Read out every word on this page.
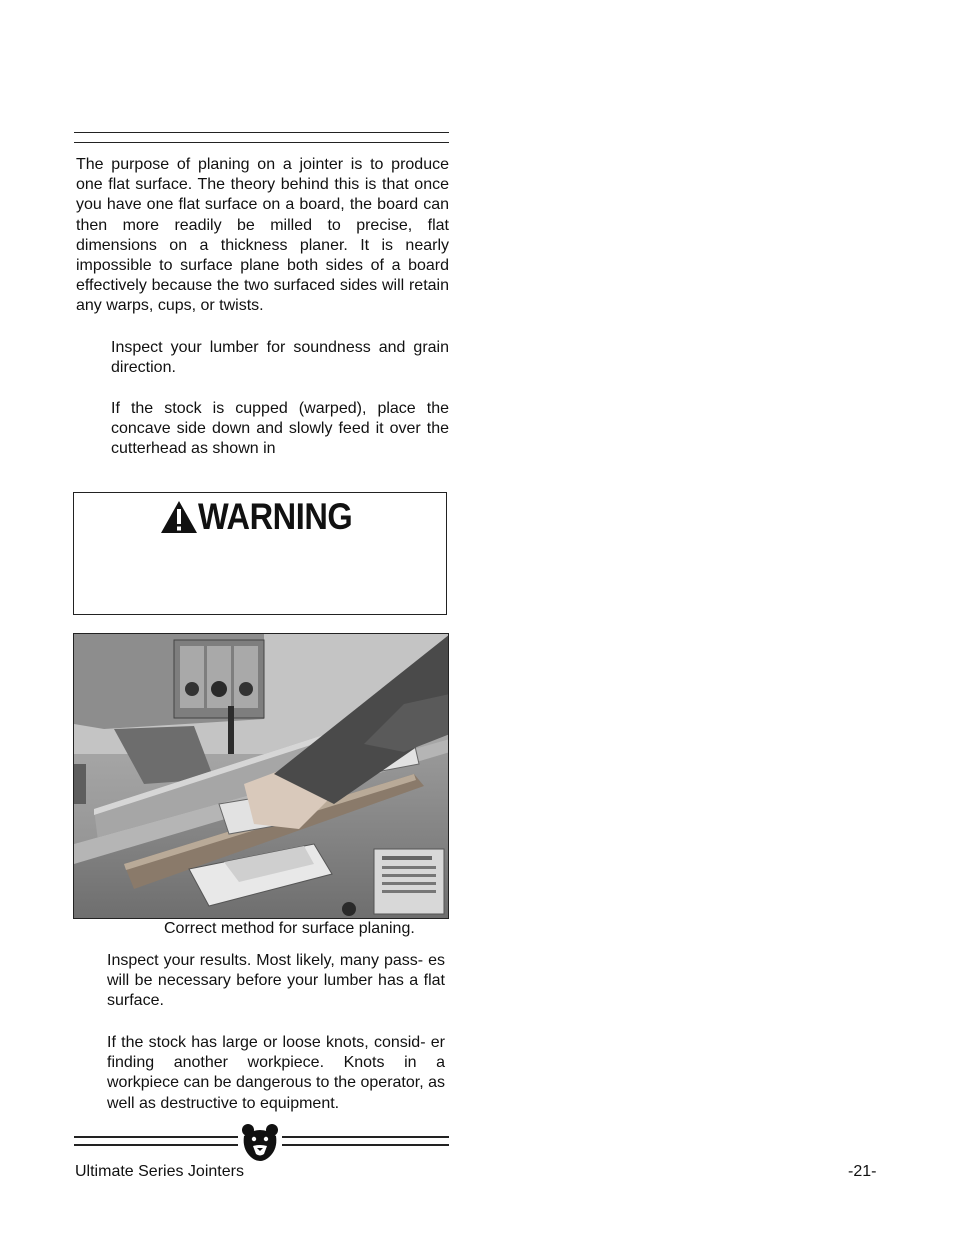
The purpose of planing on a jointer is to produce one flat surface. The theory behind this is that once you have one flat surface on a board, the board can then more readily be milled to precise, flat dimensions on a thickness planer. It is nearly impossible to surface plane both sides of a board effectively because the two surfaced sides will retain any warps, cups, or twists.

Inspect your lumber for soundness and grain direction.

If the stock is cupped (warped), place the concave side down and slowly feed it over the cutterhead as shown in

WARNING
Correct method for surface planing.

Inspect your results. Most likely, many pass- es will be necessary before your lumber has a flat surface.

If the stock has large or loose knots, consid- er finding another workpiece. Knots in a workpiece can be dangerous to the operator, as well as destructive to equipment.

Ultimate Series Jointers	-21-
